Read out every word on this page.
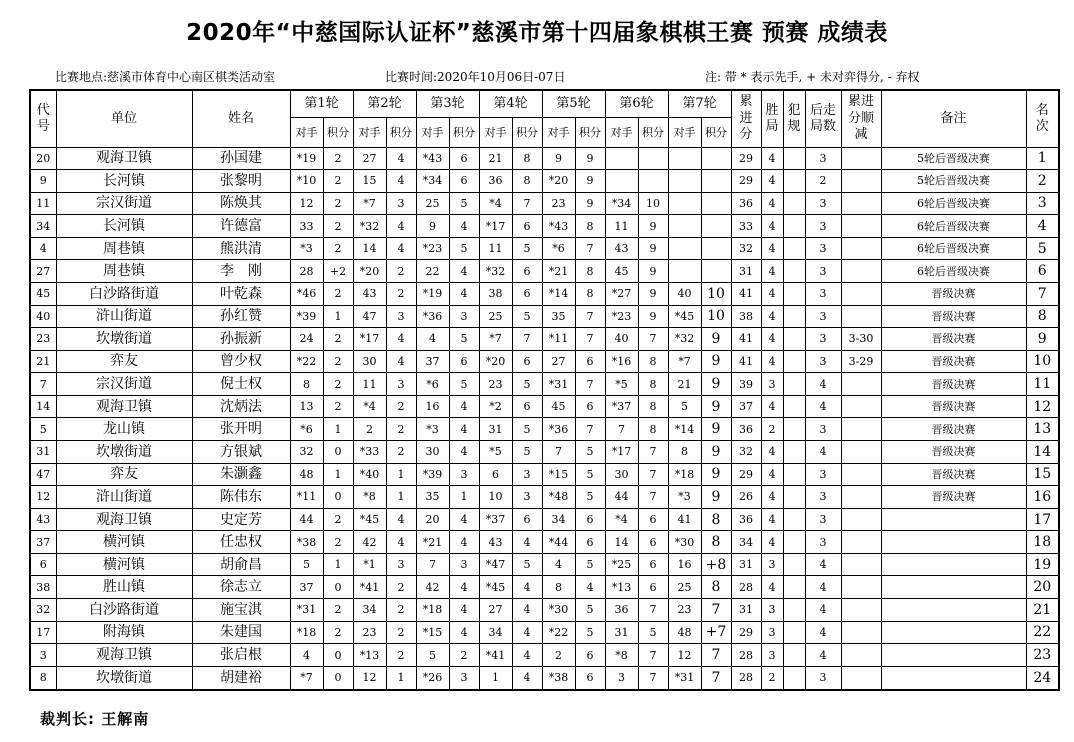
2020年“中慈国际认证杯”慈溪市第十四届象棋棋王赛 预赛 成绩表
比赛地点:慈溪市体育中心南区棋类活动室	比赛时间:2020年10月06日-07日	注: 带 * 表示先手, + 未对弈得分, - 弃权
代号	单位	姓名	第1轮		第2轮		第3轮		第4轮		第5轮		第6轮		第7轮		累进分	胜局	犯规	后走局数	累进分顺减	备注	名次

			对手	积分	对手	积分	对手	积分	对手	积分	对手	积分	对手	积分	对手	积分							
20	观海卫镇	孙国建	*19	2	27	4	*43	6	21	8	9	9					29	4		3		5轮后晋级决赛	1
9	长河镇	张黎明	*10	2	15	4	*34	6	36	8	*20	9					29	4		2		5轮后晋级决赛	2
11	宗汉街道	陈焕其	12	2	*7	3	25	5	*4	7	23	9	*34	10			36	4		3		6轮后晋级决赛	3
34	长河镇	许德富	33	2	*32	4	9	4	*17	6	*43	8	11	9			33	4		3		6轮后晋级决赛	4
4	周巷镇	熊洪清	*3	2	14	4	*23	5	11	5	*6	7	43	9			32	4		3		6轮后晋级决赛	5
27	周巷镇	李　刚	28	+2	*20	2	22	4	*32	6	*21	8	45	9			31	4		3		6轮后晋级决赛	6
45	白沙路街道	叶乾森	*46	2	43	2	*19	4	38	6	*14	8	*27	9	40	10	41	4		3		晋级决赛	7
40	浒山街道	孙红赞	*39	1	47	3	*36	3	25	5	35	7	*23	9	*45	10	38	4		3		晋级决赛	8
23	坎墩街道	孙振新	24	2	*17	4	4	5	*7	7	*11	7	40	7	*32	9	41	4		3	3-30	晋级决赛	9
21	弈友	曾少权	*22	2	30	4	37	6	*20	6	27	6	*16	8	*7	9	41	4		3	3-29	晋级决赛	10
7	宗汉街道	倪士权	8	2	11	3	*6	5	23	5	*31	7	*5	8	21	9	39	3		4		晋级决赛	11
14	观海卫镇	沈炳法	13	2	*4	2	16	4	*2	6	45	6	*37	8	5	9	37	4		4		晋级决赛	12
5	龙山镇	张开明	*6	1	2	2	*3	4	31	5	*36	7	7	8	*14	9	36	2		3		晋级决赛	13
31	坎墩街道	方银斌	32	0	*33	2	30	4	*5	5	7	5	*17	7	8	9	32	4		4		晋级决赛	14
47	弈友	朱灏鑫	48	1	*40	1	*39	3	6	3	*15	5	30	7	*18	9	29	4		3		晋级决赛	15
12	浒山街道	陈伟东	*11	0	*8	1	35	1	10	3	*48	5	44	7	*3	9	26	4		3		晋级决赛	16
43	观海卫镇	史定芳	44	2	*45	4	20	4	*37	6	34	6	*4	6	41	8	36	4		3			17
37	横河镇	任忠权	*38	2	42	4	*21	4	43	4	*44	6	14	6	*30	8	34	4		3			18
6	横河镇	胡俞昌	5	1	*1	3	7	3	*47	5	4	5	*25	6	16	+8	31	3		4			19
38	胜山镇	徐志立	37	0	*41	2	42	4	*45	4	8	4	*13	6	25	8	28	4		4			20
32	白沙路街道	施宝淇	*31	2	34	2	*18	4	27	4	*30	5	36	7	23	7	31	3		4			21
17	附海镇	朱建国	*18	2	23	2	*15	4	34	4	*22	5	31	5	48	+7	29	3		4			22
3	观海卫镇	张启根	4	0	*13	2	5	2	*41	4	2	6	*8	7	12	7	28	3		4			23
8	坎墩街道	胡建裕	*7	0	12	1	*26	3	1	4	*38	6	3	7	*31	7	28	2		3			24
裁判长: 王解南
